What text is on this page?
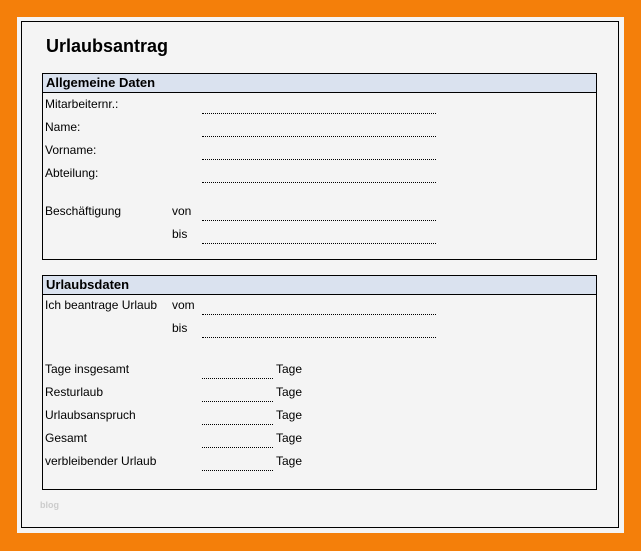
Urlaubsantrag
Allgemeine Daten
Mitarbeiternr.:
Name:
Vorname:
Abteilung:
Beschäftigung	von
bis
Urlaubsdaten
Ich beantrage Urlaub vom
bis
Tage insgesamt	Tage
Resturlaub	Tage
Urlaubsanspruch	Tage
Gesamt	Tage
verbleibender Urlaub	Tage
blog
